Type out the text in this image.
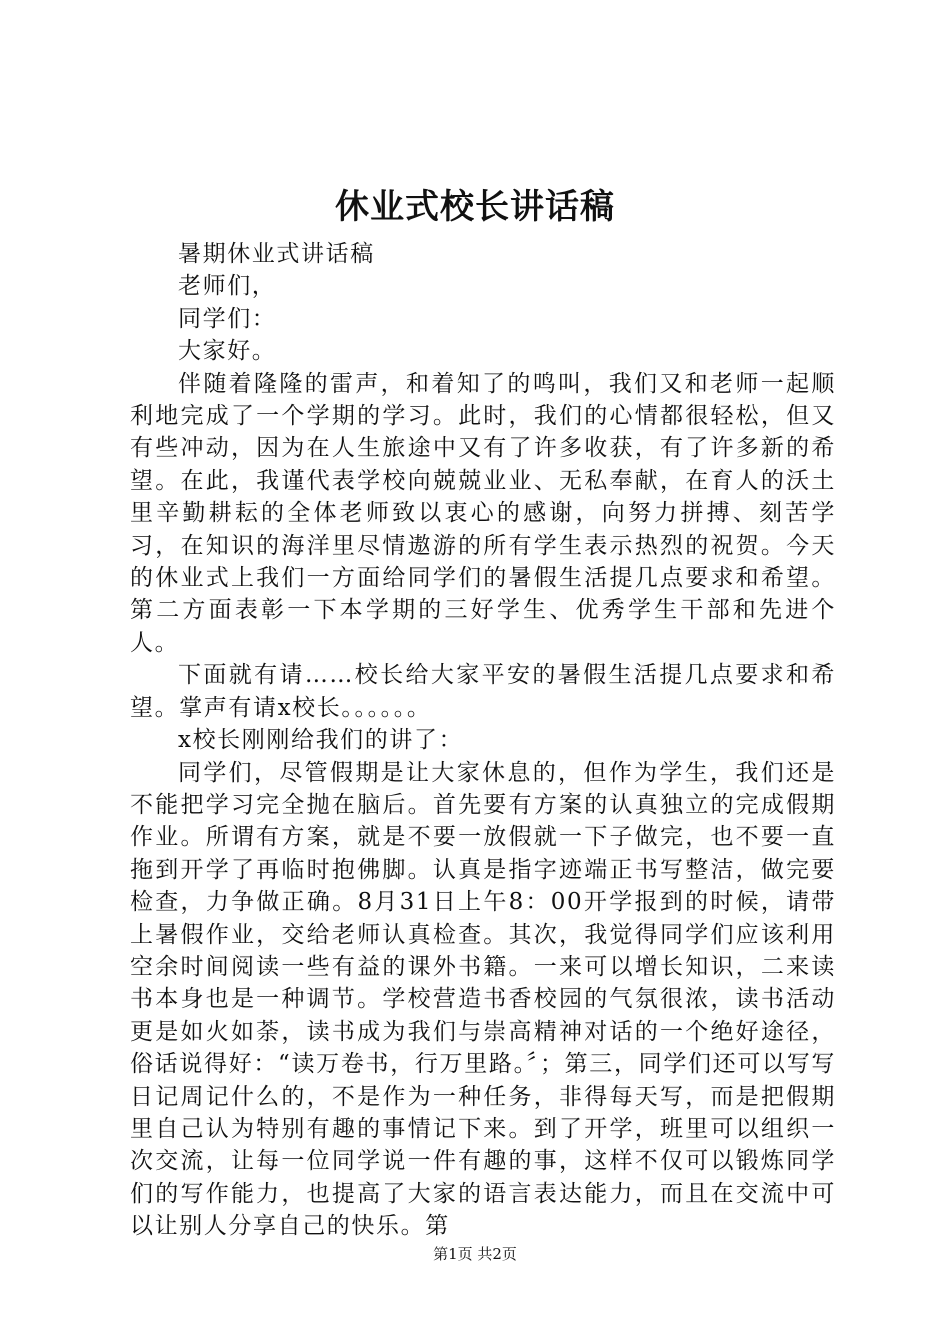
休业式校长讲话稿

暑期休业式讲话稿

老师们，

同学们：

大家好。

伴随着隆隆的雷声，和着知了的鸣叫，我们又和老师一起顺利地完成了一个学期的学习。此时，我们的心情都很轻松，但又有些冲动，因为在人生旅途中又有了许多收获，有了许多新的希望。在此，我谨代表学校向兢兢业业、无私奉献，在育人的沃土里辛勤耕耘的全体老师致以衷心的感谢，向努力拼搏、刻苦学习，在知识的海洋里尽情遨游的所有学生表示热烈的祝贺。今天的休业式上我们一方面给同学们的暑假生活提几点要求和希望。第二方面表彰一下本学期的三好学生、优秀学生干部和先进个人。

下面就有请……校长给大家平安的暑假生活提几点要求和希望。掌声有请x校长。。。。。。

x校长刚刚给我们的讲了：

同学们，尽管假期是让大家休息的，但作为学生，我们还是不能把学习完全抛在脑后。首先要有方案的认真独立的完成假期作业。所谓有方案，就是不要一放假就一下子做完，也不要一直拖到开学了再临时抱佛脚。认真是指字迹端正书写整洁，做完要检查，力争做正确。8月31日上午8：00开学报到的时候，请带上暑假作业，交给老师认真检查。其次，我觉得同学们应该利用空余时间阅读一些有益的课外书籍。一来可以增长知识，二来读书本身也是一种调节。学校营造书香校园的气氛很浓，读书活动更是如火如荼，读书成为我们与崇高精神对话的一个绝好途径，俗话说得好：“读万卷书，行万里路。〞；第三，同学们还可以写写日记周记什么的，不是作为一种任务，非得每天写，而是把假期里自己认为特别有趣的事情记下来。到了开学，班里可以组织一次交流，让每一位同学说一件有趣的事，这样不仅可以锻炼同学们的写作能力，也提高了大家的语言表达能力，而且在交流中可以让别人分享自己的快乐。第

第1页 共2页
